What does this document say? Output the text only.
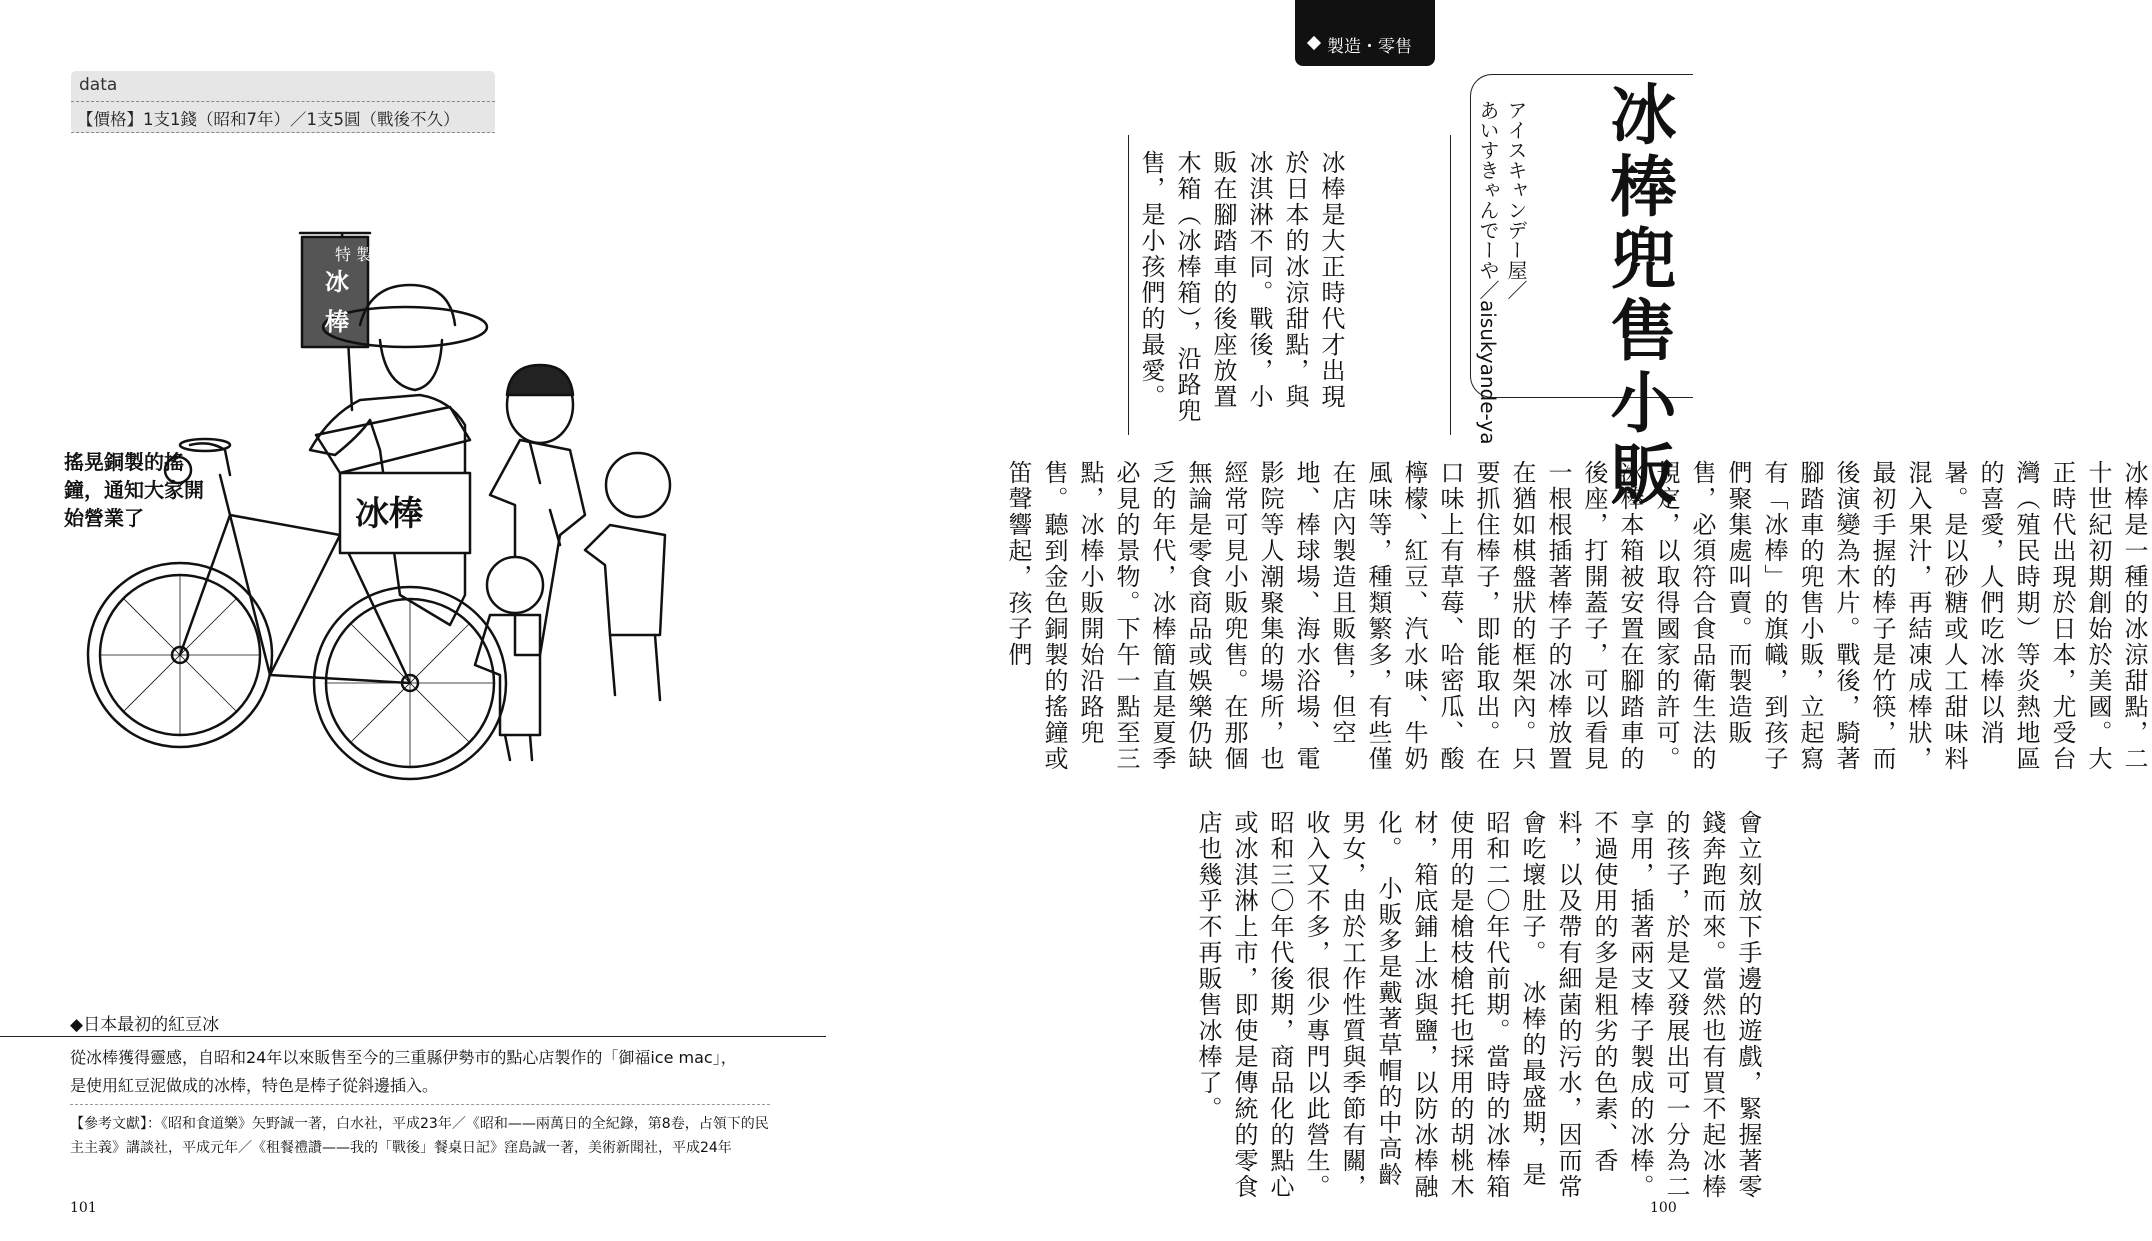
data
【價格】1支1錢（昭和7年）／1支5圓（戰後不久）
特 製
冰
棒
冰棒
搖晃銅製的搖鐘，通知大家開始營業了
◆日本最初的紅豆冰
從冰棒獲得靈感，自昭和24年以來販售至今的三重縣伊勢市的點心店製作的「御福ice mac」，是使用紅豆泥做成的冰棒，特色是棒子從斜邊插入。
【參考文獻】：《昭和食道樂》矢野誠一著，白水社，平成23年／《昭和——兩萬日的全紀錄，第8卷，占領下的民主主義》講談社，平成元年／《租餐禮讚——我的「戰後」餐桌日記》窪島誠一著，美術新聞社，平成24年
101
製造・零售
冰棒兜售小販
アイスキャンデー屋／
あいすきゃんでーや／aisukyande-ya
冰棒是大正時代才出現於日本的冰涼甜點，與冰淇淋不同。戰後，小販在腳踏車的後座放置木箱（冰棒箱），沿路兜售，是小孩們的最愛。
冰棒是一種的冰涼甜點，二十世紀初期創始於美國。大正時代出現於日本，尤受台灣（殖民時期）等炎熱地區的喜愛，人們吃冰棒以消暑。是以砂糖或人工甜味料混入果汁，再結凍成棒狀，最初手握的棒子是竹筷，而後演變為木片。戰後，騎著腳踏車的兜售小販，立起寫有「冰棒」的旗幟，到孩子們聚集處叫賣。而製造販售，必須符合食品衛生法的規定，以取得國家的許可。　冰棒本箱被安置在腳踏車的後座，打開蓋子，可以看見一根根插著棒子的冰棒放置在猶如棋盤狀的框架內。只要抓住棒子，即能取出。在口味上有草莓、哈密瓜、酸檸檬、紅豆、汽水味、牛奶風味等，種類繁多，有些僅在店內製造且販售，但空地、棒球場、海水浴場、電影院等人潮聚集的場所，也經常可見小販兜售。在那個無論是零食商品或娛樂仍缺乏的年代，冰棒簡直是夏季必見的景物。下午一點至三點，冰棒小販開始沿路兜售。聽到金色銅製的搖鐘或笛聲響起，孩子們
會立刻放下手邊的遊戲，緊握著零錢奔跑而來。當然也有買不起冰棒的孩子，於是又發展出可一分為二享用，插著兩支棒子製成的冰棒。不過使用的多是粗劣的色素、香料，以及帶有細菌的污水，因而常會吃壞肚子。　冰棒的最盛期，是昭和二〇年代前期。當時的冰棒箱使用的是槍枝槍托也採用的胡桃木材，箱底鋪上冰與鹽，以防冰棒融化。　小販多是戴著草帽的中高齡男女，由於工作性質與季節有關，收入又不多，很少專門以此營生。　昭和三〇年代後期，商品化的點心或冰淇淋上市，即使是傳統的零食店也幾乎不再販售冰棒了。
100
